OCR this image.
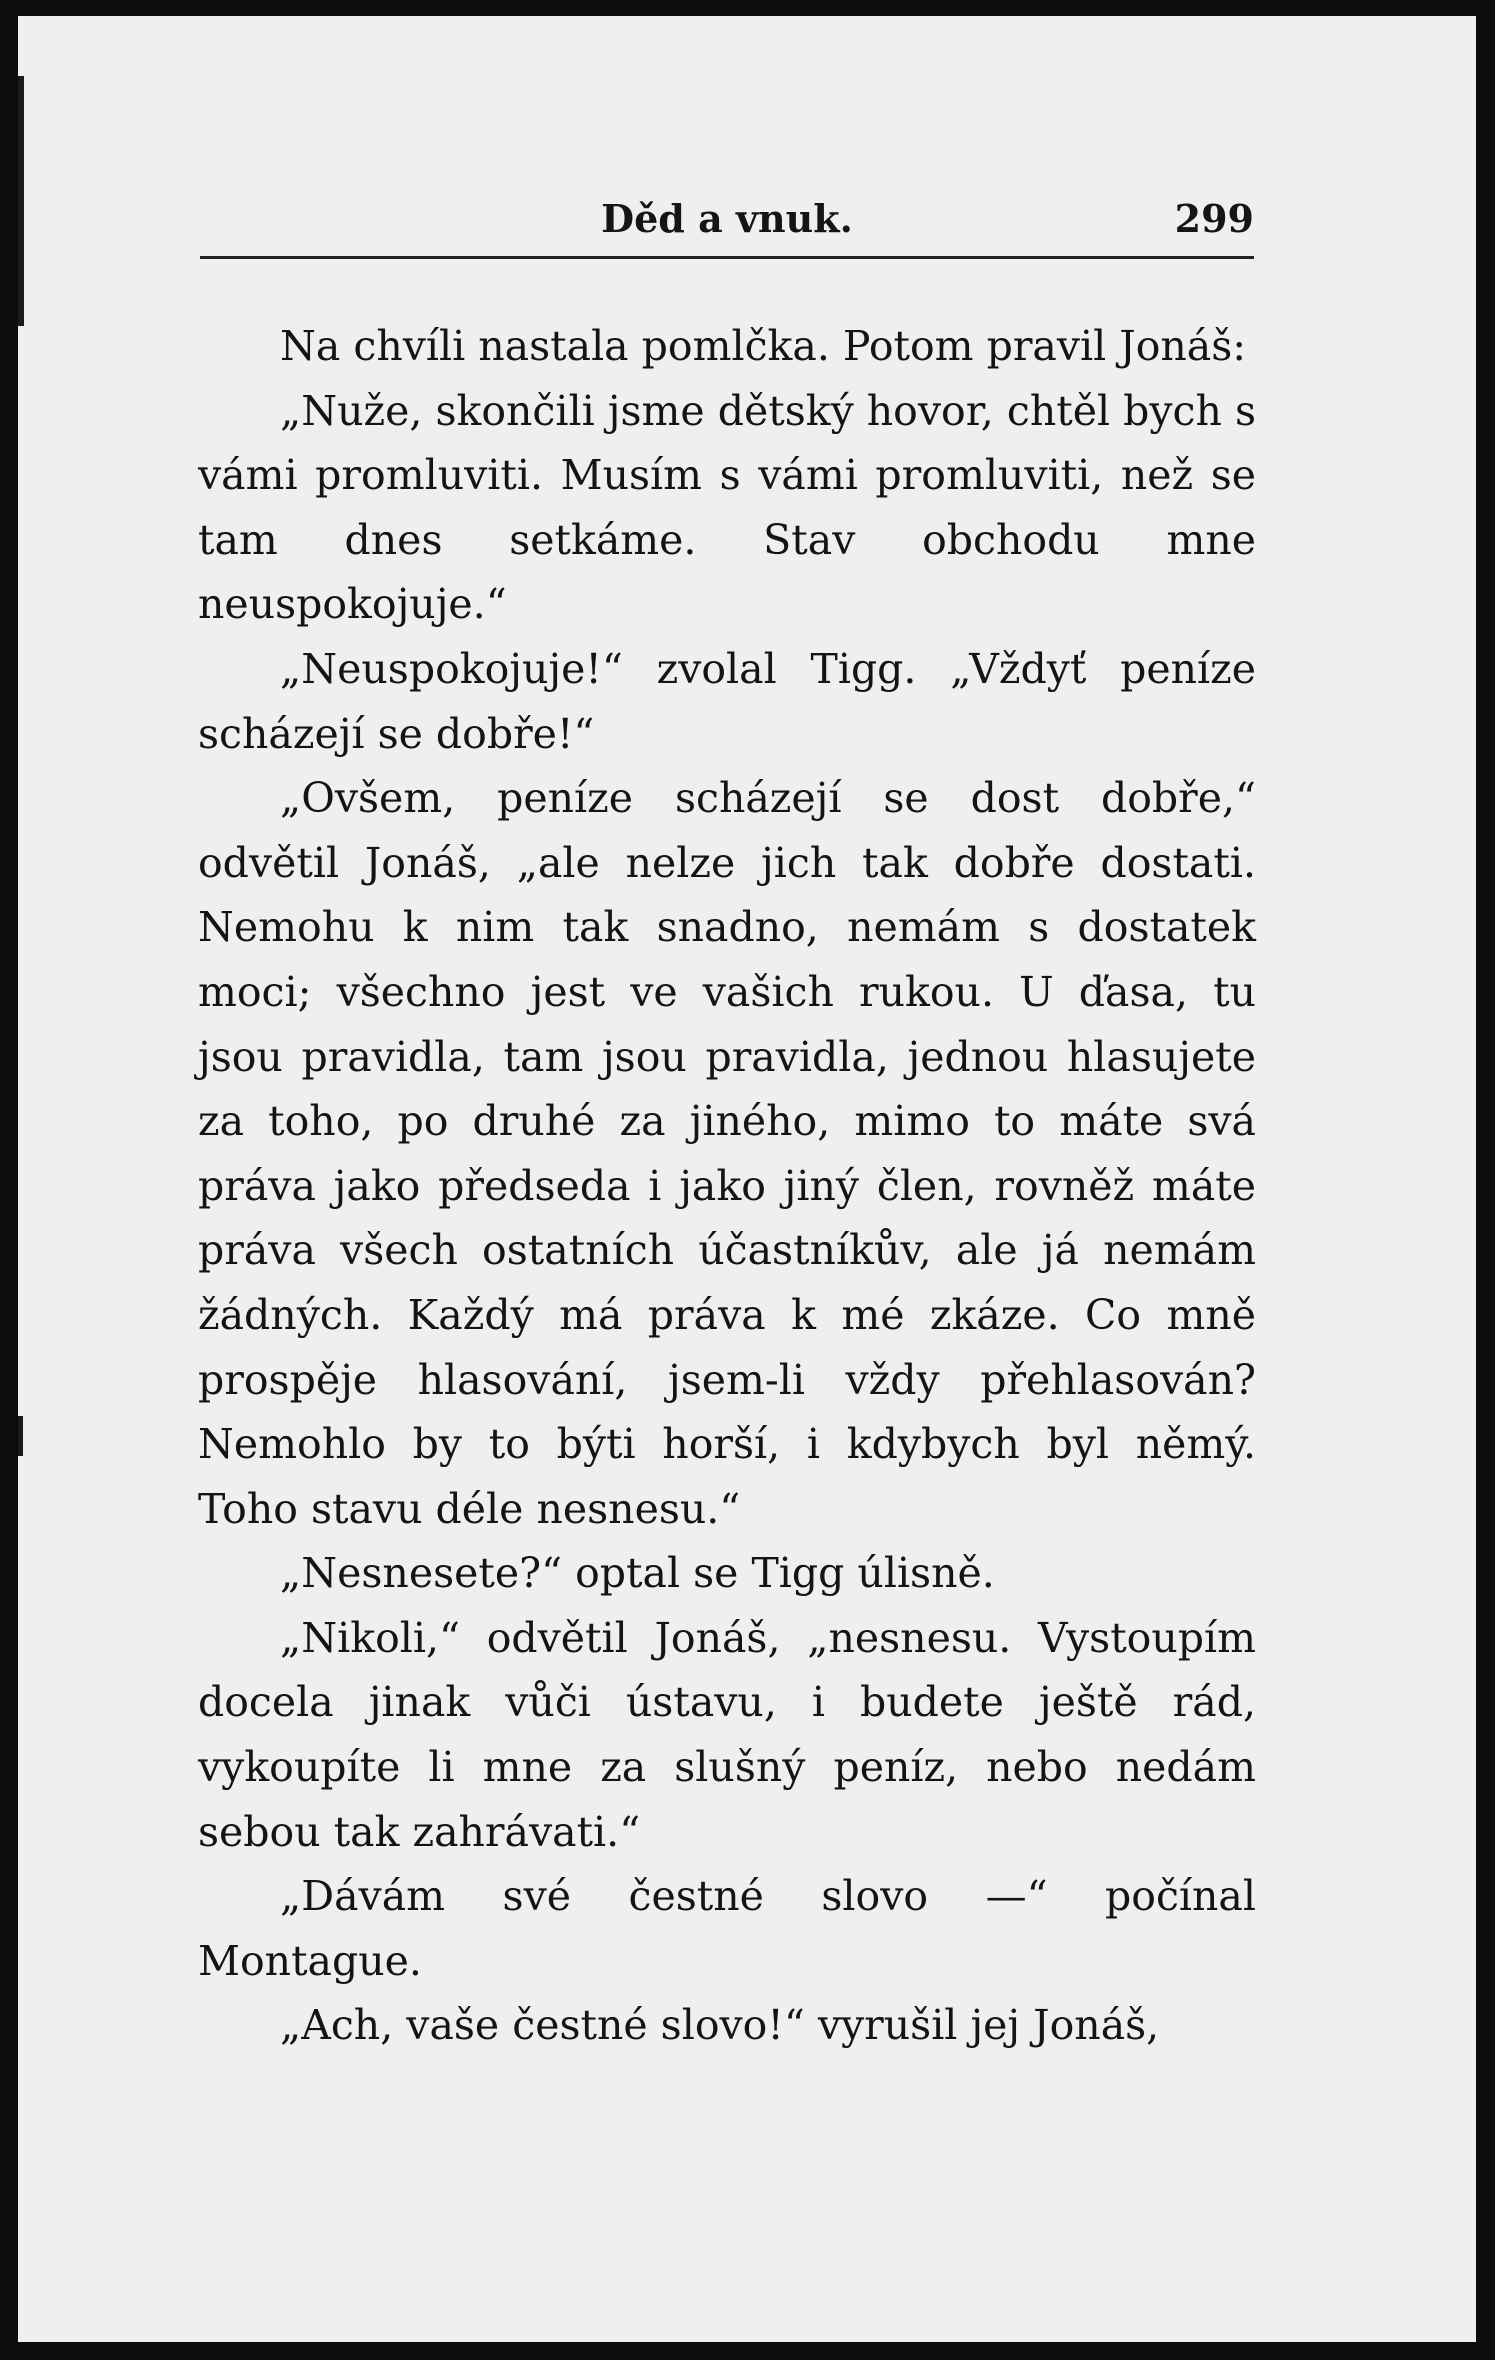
Děd a vnuk.	299

Na chvíli nastala pomlčka. Potom pravil Jonáš:

„Nuže, skončili jsme dětský hovor, chtěl bych s vámi promluviti. Musím s vámi promluviti, než se tam dnes setkáme. Stav obchodu mne neuspokojuje.“

„Neuspokojuje!“ zvolal Tigg. „Vždyť peníze scházejí se dobře!“

„Ovšem, peníze scházejí se dost dobře,“ odvětil Jonáš, „ale nelze jich tak dobře dostati. Nemohu k nim tak snadno, nemám s dostatek moci; všechno jest ve vašich rukou. U ďasa, tu jsou pravidla, tam jsou pravidla, jednou hlasujete za toho, po druhé za jiného, mimo to máte svá práva jako předseda i jako jiný člen, rovněž máte práva všech ostatních účastníkův, ale já nemám žádných. Každý má práva k mé zkáze. Co mně prospěje hlasování, jsem-li vždy přehlasován? Nemohlo by to býti horší, i kdybych byl němý. Toho stavu déle nesnesu.“

„Nesnesete?“ optal se Tigg úlisně.

„Nikoli,“ odvětil Jonáš, „nesnesu. Vystoupím docela jinak vůči ústavu, i budete ještě rád, vykoupíte li mne za slušný peníz, nebo nedám sebou tak zahrávati.“

„Dávám své čestné slovo —“ počínal Montague.

„Ach, vaše čestné slovo!“ vyrušil jej Jonáš,
